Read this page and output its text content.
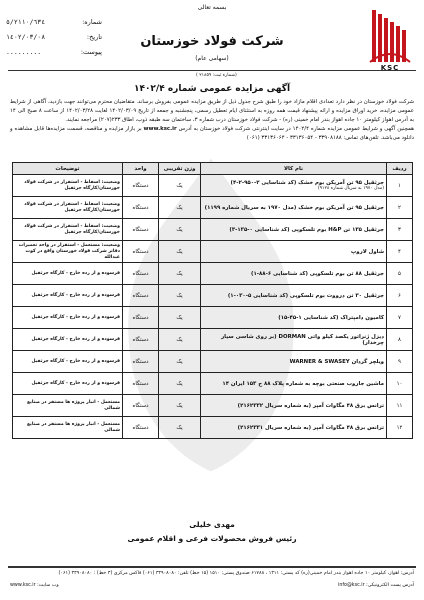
بسمه تعالی
شماره:
٥/٢١١٠/٦٣٤
تاریخ:
١٤٠٢/٠٣/٠٨
پیوست:
.........
شرکت فولاد خوزستان
(سهامی عام)
KSC
(شماره ثبت: ۲۱۸۵۹ )
آگهی مزایده عمومی شماره ۱۴۰۲/۴
شرکت فولاد خوزستان در نظر دارد تعدادی اقلام مازاد خود را طبق شرح جدول ذیل از طریق مزایده عمومی بفروش برساند. متقاضیان محترم می‌توانند جهت بازدید، آگاهی از شرایط عمومی مزایده، خرید اوراق مزایده و ارائه پیشنهاد قیمت همه روزه به استثنای ایام تعطیل رسمی، پنجشنبه و جمعه از تاریخ ۱۴۰۲/۰۳/۰۹ لغایت ۱۴۰۲/۰۳/۲۸ از ساعت ۸ صبح الی ۱۴ به آدرس اهواز کیلومتر ۱۰ جاده اهواز بندر امام خمینی (ره) - شرکت فولاد خوزستان درب شماره ۳، ساختمان سه طبقه ذوب، اطاق ۲۳۳(۲۰۷) مراجعه نمایند.
همچنین آگهی و شرایط عمومی مزایده شماره ۱۴۰۲/۴ در سایت اینترنتی شرکت فولاد خوزستان به آدرس www.ksc.ir بر بازار مزایده و مناقصه، قسمت مزایده‌ها قابل مشاهده و دانلود می‌باشد. تلفن‌های تماس: ۳۳۹۰۸۱۸۸ - ۳۳۱۳۶۰۵۴ - ۳۳۱۳۶۰۶۴ (۰۶۱)
ردیف	نام کالا	وزن تقریبی	واحد	توضیحات
۱	جرثقیل ۹۵ تن آمریکن بوم خشک (کد شناسایی ۲-۹۵۰-۲-۴)
(مدل ۱۹۷۰ به سریال شماره ۹۱۲۸)	یک	دستگاه	وضعیت: اسقاط - استقرار در شرکت فولاد خوزستان/کارگاه جرثقیل
۲	جرثقیل ۹۵ تن آمریکن بوم خشک (مدل ۱۹۷۰ به سریال شماره ۱۱۹۹)	یک	دستگاه	وضعیت: اسقاط - استقرار در شرکت فولاد خوزستان/کارگاه جرثقیل
۳	جرثقیل ۱۳۵ تن H&P بوم تلسکوپی (کد شناسایی ۰-۱۳۵-۳)	یک	دستگاه	وضعیت: اسقاط - استقرار در شرکت فولاد خوزستان/کارگاه جرثقیل
۴	شاول لاروپ	یک	دستگاه	وضعیت: مستعمل - استقرار در واحد تعمیرات دفاتر شرکت فولاد خوزستان واقع در کوت عبدالله
۵	جرثقیل ۸۸ تن بوم تلسکوپی (کد شناسایی ۶-۸۸-۱)	یک	دستگاه	فرسوده و از رده خارج - کارگاه جرثقیل
۶	جرثقیل ۳۰ تن درووت بوم تلسکوپی (کد شناسایی ۵-۰۳۰-۱)	یک	دستگاه	فرسوده و از رده خارج - کارگاه جرثقیل
۷	کامیون دامپتراک (کد شناسایی ۱-۴۵-۱۵)	یک	دستگاه	فرسوده و از رده خارج - کارگاه جرثقیل
۸	دیزل ژنراتور یکصد کیلو واتی DORMAN (بر روی شاسی سیار چرخدار)	یک	دستگاه	فرسوده و از رده خارج - کارگاه جرثقیل
۹	ویلچر گردان WARNER & SWASEY	یک	دستگاه	فرسوده و از رده خارج - کارگاه جرثقیل
۱۰	ماشین جاروب صنعتی بوچه به شماره پلاک ۸۸ ج ۱۵۳ ایران ۱۴	یک	دستگاه	فرسوده و از رده خارج - کارگاه جرثقیل
۱۱	ترانس برق ۴۸ مگاوات آمپر (به شماره سریال ۲۱۶۲۳۳۲)	یک	دستگاه	مستعمل - انبار پروژه ها مستقر در صنایع شمالی
۱۲	ترانس برق ۴۸ مگاوات آمپر (به شماره سریال ۲۱۶۲۳۳۱)	یک	دستگاه	مستعمل - انبار پروژه ها مستقر در صنایع شمالی
مهدی خلیلی
رئیس فروش محصولات فرعی و اقلام عمومی
آدرس: اهواز، کیلومتر ۱۰ جاده اهواز بندر امام خمینی(ره) کد پستی: ۱۳۱۱ ، ۶۱۷۸۸ صندوق پستی: ۱۵۱۰ (۱۵ خط) تلفن: ۳۳۹۰۸۰۸۰ (۰۶۱) فاکس مرکزی (۳ خط) : ۳۳۹۰۸۰۸۰ (۰۶۱)
آدرس پست الکترونیکی: info@ksc.ir
وب سایت: www.ksc.ir
